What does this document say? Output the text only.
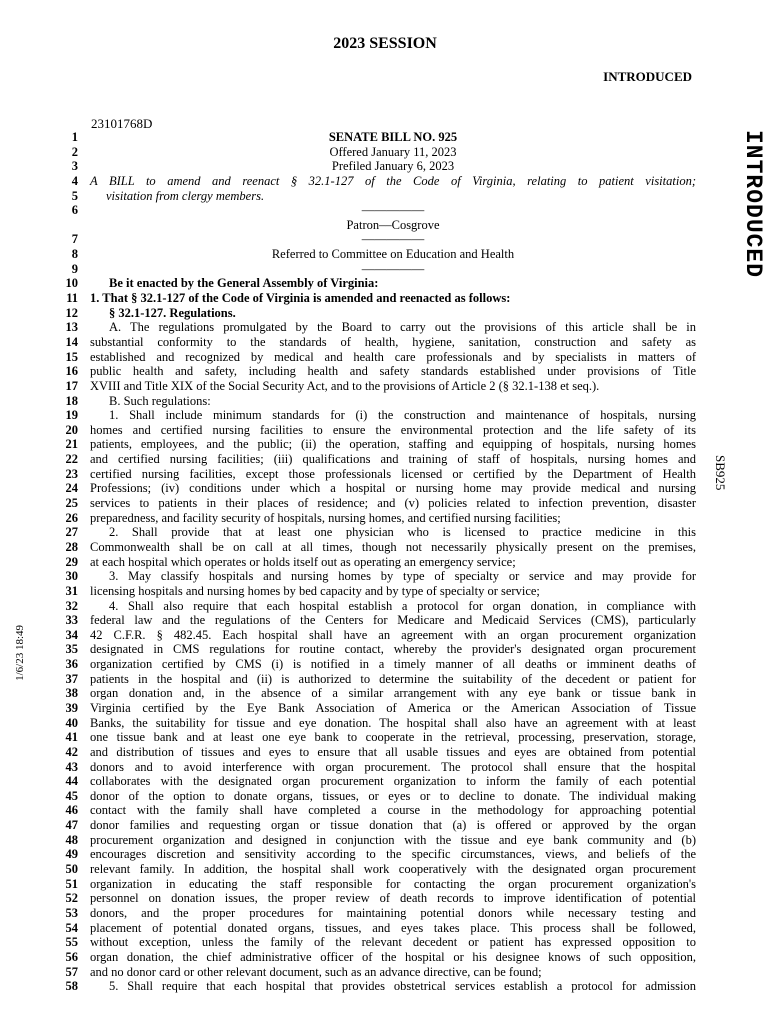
2023 SESSION
INTRODUCED
23101768D
INTRODUCED
SB925
1/6/23 18:49
1	SENATE BILL NO. 925
2	Offered January 11, 2023
3	Prefiled January 6, 2023
4 A BILL to amend and reenact § 32.1-127 of the Code of Virginia, relating to patient visitation;
5	visitation from clergy members.
6	—————
Patron––Cosgrove
7	—————
8	Referred to Committee on Education and Health
9	—————
10	Be it enacted by the General Assembly of Virginia:
11 1. That § 32.1-127 of the Code of Virginia is amended and reenacted as follows:
12	§ 32.1-127. Regulations.
13	A. The regulations promulgated by the Board to carry out the provisions of this article shall be in
14 substantial conformity to the standards of health, hygiene, sanitation, construction and safety as
15 established and recognized by medical and health care professionals and by specialists in matters of
16 public health and safety, including health and safety standards established under provisions of Title
17 XVIII and Title XIX of the Social Security Act, and to the provisions of Article 2 (§ 32.1-138 et seq.).
18	B. Such regulations:
19	1. Shall include minimum standards for (i) the construction and maintenance of hospitals, nursing
20 homes and certified nursing facilities to ensure the environmental protection and the life safety of its
21 patients, employees, and the public; (ii) the operation, staffing and equipping of hospitals, nursing homes
22 and certified nursing facilities; (iii) qualifications and training of staff of hospitals, nursing homes and
23 certified nursing facilities, except those professionals licensed or certified by the Department of Health
24 Professions; (iv) conditions under which a hospital or nursing home may provide medical and nursing
25 services to patients in their places of residence; and (v) policies related to infection prevention, disaster
26 preparedness, and facility security of hospitals, nursing homes, and certified nursing facilities;
27	2. Shall provide that at least one physician who is licensed to practice medicine in this
28 Commonwealth shall be on call at all times, though not necessarily physically present on the premises,
29 at each hospital which operates or holds itself out as operating an emergency service;
30	3. May classify hospitals and nursing homes by type of specialty or service and may provide for
31 licensing hospitals and nursing homes by bed capacity and by type of specialty or service;
32	4. Shall also require that each hospital establish a protocol for organ donation, in compliance with
33 federal law and the regulations of the Centers for Medicare and Medicaid Services (CMS), particularly
34 42 C.F.R. § 482.45. Each hospital shall have an agreement with an organ procurement organization
35 designated in CMS regulations for routine contact, whereby the provider's designated organ procurement
36 organization certified by CMS (i) is notified in a timely manner of all deaths or imminent deaths of
37 patients in the hospital and (ii) is authorized to determine the suitability of the decedent or patient for
38 organ donation and, in the absence of a similar arrangement with any eye bank or tissue bank in
39 Virginia certified by the Eye Bank Association of America or the American Association of Tissue
40 Banks, the suitability for tissue and eye donation. The hospital shall also have an agreement with at least
41 one tissue bank and at least one eye bank to cooperate in the retrieval, processing, preservation, storage,
42 and distribution of tissues and eyes to ensure that all usable tissues and eyes are obtained from potential
43 donors and to avoid interference with organ procurement. The protocol shall ensure that the hospital
44 collaborates with the designated organ procurement organization to inform the family of each potential
45 donor of the option to donate organs, tissues, or eyes or to decline to donate. The individual making
46 contact with the family shall have completed a course in the methodology for approaching potential
47 donor families and requesting organ or tissue donation that (a) is offered or approved by the organ
48 procurement organization and designed in conjunction with the tissue and eye bank community and (b)
49 encourages discretion and sensitivity according to the specific circumstances, views, and beliefs of the
50 relevant family. In addition, the hospital shall work cooperatively with the designated organ procurement
51 organization in educating the staff responsible for contacting the organ procurement organization's
52 personnel on donation issues, the proper review of death records to improve identification of potential
53 donors, and the proper procedures for maintaining potential donors while necessary testing and
54 placement of potential donated organs, tissues, and eyes takes place. This process shall be followed,
55 without exception, unless the family of the relevant decedent or patient has expressed opposition to
56 organ donation, the chief administrative officer of the hospital or his designee knows of such opposition,
57 and no donor card or other relevant document, such as an advance directive, can be found;
58	5. Shall require that each hospital that provides obstetrical services establish a protocol for admission
